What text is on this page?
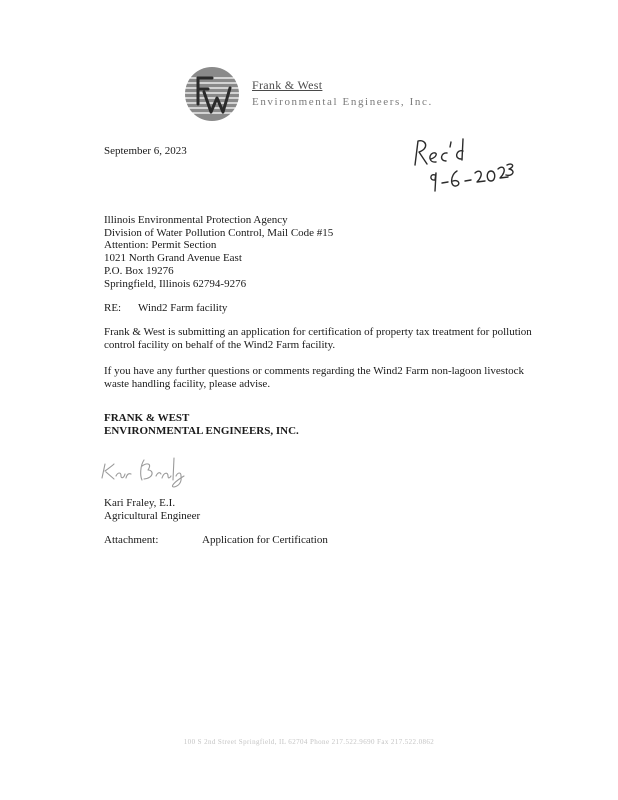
Frank & West
Environmental Engineers, Inc.
September 6, 2023
Illinois Environmental Protection Agency
Division of Water Pollution Control, Mail Code #15
Attention: Permit Section
1021 North Grand Avenue East
P.O. Box 19276
Springfield, Illinois 62794-9276
RE: Wind2 Farm facility
Frank & West is submitting an application for certification of property tax treatment for pollution control facility on behalf of the Wind2 Farm facility.
If you have any further questions or comments regarding the Wind2 Farm non-lagoon livestock waste handling facility, please advise.
FRANK & WEST
ENVIRONMENTAL ENGINEERS, INC.
Kari Fraley, E.I.
Agricultural Engineer
Attachment:	Application for Certification
100 S 2nd Street Springfield, IL 62704 Phone 217.522.9690 Fax 217.522.0862
